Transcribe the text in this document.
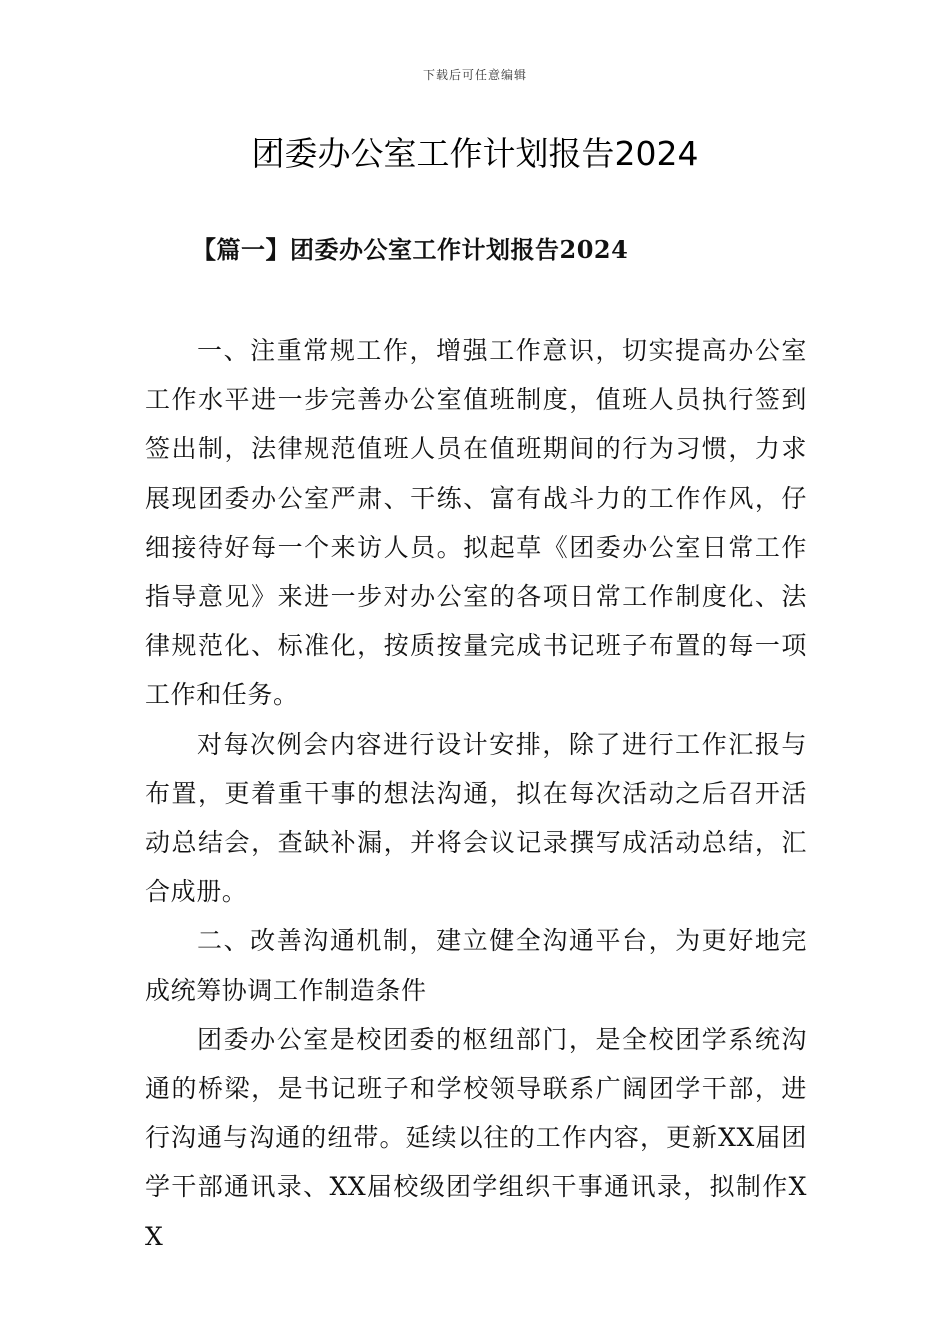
下载后可任意编辑
团委办公室工作计划报告2024
【篇一】团委办公室工作计划报告2024

一、注重常规工作，增强工作意识，切实提高办公室工作水平进一步完善办公室值班制度，值班人员执行签到签出制，法律规范值班人员在值班期间的行为习惯，力求展现团委办公室严肃、干练、富有战斗力的工作作风，仔细接待好每一个来访人员。拟起草《团委办公室日常工作指导意见》来进一步对办公室的各项日常工作制度化、法律规范化、标准化，按质按量完成书记班子布置的每一项工作和任务。

对每次例会内容进行设计安排，除了进行工作汇报与布置，更着重干事的想法沟通，拟在每次活动之后召开活动总结会，查缺补漏，并将会议记录撰写成活动总结，汇合成册。

二、改善沟通机制，建立健全沟通平台，为更好地完成统筹协调工作制造条件

团委办公室是校团委的枢纽部门，是全校团学系统沟通的桥梁，是书记班子和学校领导联系广阔团学干部，进行沟通与沟通的纽带。延续以往的工作内容，更新XX届团学干部通讯录、XX届校级团学组织干事通讯录，拟制作XX
